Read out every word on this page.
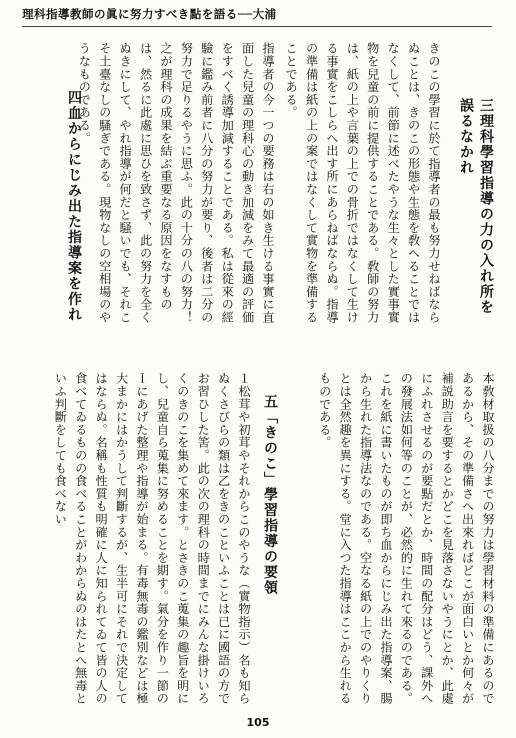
理科指導教師の眞に努力すべき點を語る──大浦
三理科學習指導の力の入れ所を誤るなかれ
きのこの學習に於て指導者の最も努力せねばならぬことは、きのこの形態や生態を敎へることではなくして、前節に述べたやうな生々とした實事實物を兒童の前に提供することである。敎師の努力は、紙の上や言葉の上での骨折ではなくして生ける事實をこしらへ出す所にあらねばならぬ。指導の準備は紙の上の案ではなくして實物を準備することである。
指導者の今一つの要務は右の如き生ける事實に直面した兒童の理科心の動き加減をみて最適の評価をすべく誘導加減することである。私は從來の經驗に鑑み前者に八分の努力が要り、後者は二分の努力で足りるやうに思ふ。此の十分の八の努力！　之が理科の成果を結ぶ重要なる原因をなすものは、然るに此處に思ひを致さず、此の努力を全くぬきにして、やれ指導が何だと騒いでも、それこそ土臺なしの騷ぎである。現物なしの空相場のやうなものである。
四血からにじみ出た指導案を作れ
本敎材取扱の八分までの努力は學習材料の準備にあるのであるから、その準備さへ出來ればどこが面白いとか何々が補説助言を要するとかどこを見落さないやうにとか、此處にふれさせるのが要點だとか、時間の配分はどう、課外への發展法如何等のことが、必然的に生れて來るのである。これを紙に書いたものが即ち血からにじみ出た指導案、腸から生れた指導法なのである。空なる紙の上でのやりくりとは全然趣を異にする。堂に入つた指導はここから生れるものである。
五「きのこ」學習指導の要領
１松茸や初茸やそれからこのやうな（實物指示）名も知らぬくさびらの類は乙をきのこといふことは已に國語の方でお習ひした筈。此の次の理科の時間までにみんな掛けいろくのきのこを集めて來ます。とさきのこ蒐集の趣旨を明にし、兒童自ら蒐集に努めることを期す。氣分を作り一節のＩにあげた整理や指導が始まる。有毒無毒の鑑別などは極大まかにはかうして判斷するが、生半可にそれで決定してはならぬ。名稱も性質も明確に人に知られてゐて皆の人の食べてゐるものの食べることがわからぬのはたとへ無毒といふ判斷をしても食べない
105
